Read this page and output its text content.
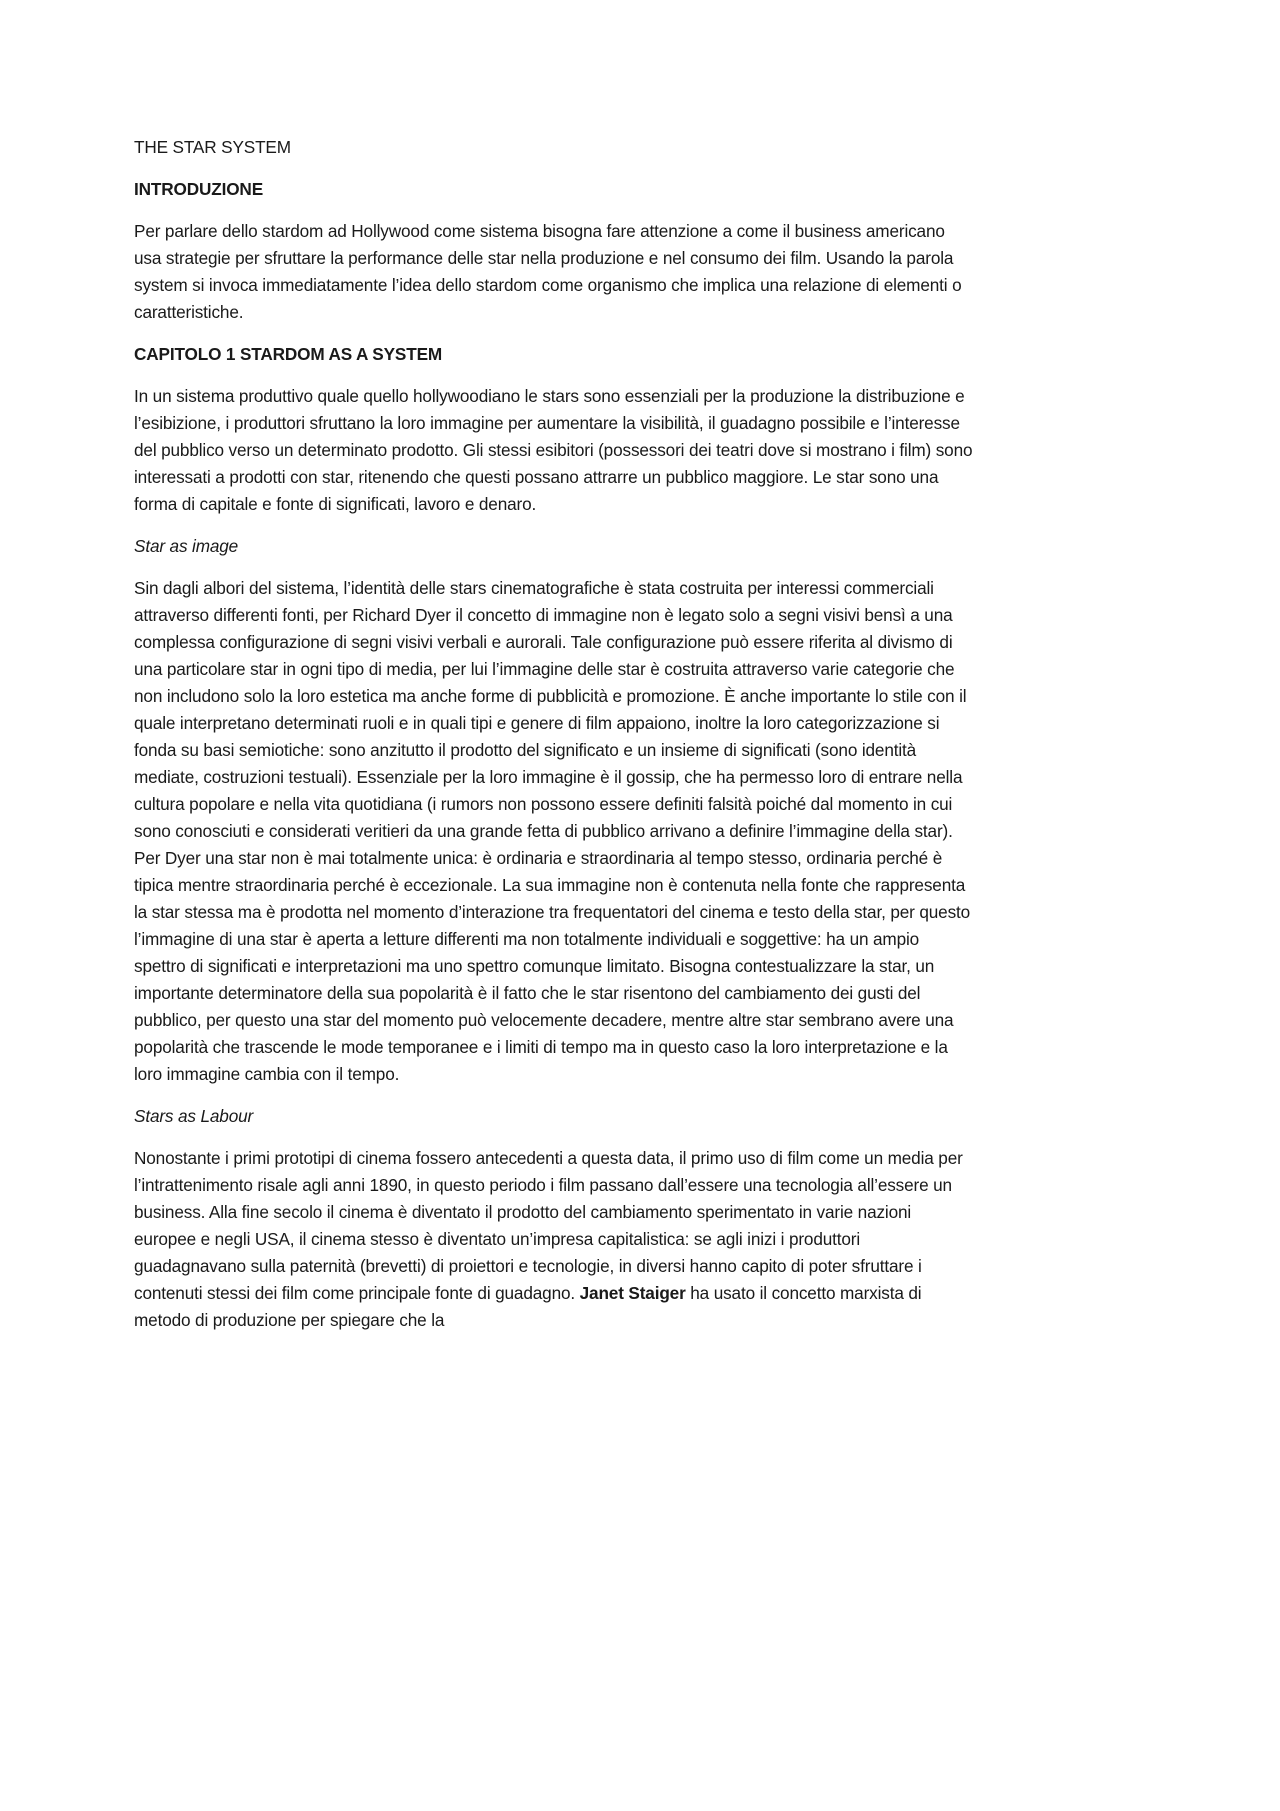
THE STAR SYSTEM

INTRODUZIONE

Per parlare dello stardom ad Hollywood come sistema bisogna fare attenzione a come il business americano usa strategie per sfruttare la performance delle star nella produzione e nel consumo dei film. Usando la parola system si invoca immediatamente l’idea dello stardom come organismo che implica una relazione di elementi o caratteristiche.

CAPITOLO 1 STARDOM AS A SYSTEM

In un sistema produttivo quale quello hollywoodiano le stars sono essenziali per la produzione la distribuzione e l’esibizione, i produttori sfruttano la loro immagine per aumentare la visibilità, il guadagno possibile e l’interesse del pubblico verso un determinato prodotto. Gli stessi esibitori (possessori dei teatri dove si mostrano i film) sono interessati a prodotti con star, ritenendo che questi possano attrarre un pubblico maggiore. Le star sono una forma di capitale e fonte di significati, lavoro e denaro.

Star as image

Sin dagli albori del sistema, l’identità delle stars cinematografiche è stata costruita per interessi commerciali attraverso differenti fonti, per Richard Dyer il concetto di immagine non è legato solo a segni visivi bensì a una complessa configurazione di segni visivi verbali e aurorali. Tale configurazione può essere riferita al divismo di una particolare star in ogni tipo di media, per lui l’immagine delle star è costruita attraverso varie categorie che non includono solo la loro estetica ma anche forme di pubblicità e promozione. È anche importante lo stile con il quale interpretano determinati ruoli e in quali tipi e genere di film appaiono, inoltre la loro categorizzazione si fonda su basi semiotiche: sono anzitutto il prodotto del significato e un insieme di significati (sono identità mediate, costruzioni testuali). Essenziale per la loro immagine è il gossip, che ha permesso loro di entrare nella cultura popolare e nella vita quotidiana (i rumors non possono essere definiti falsità poiché dal momento in cui sono conosciuti e considerati veritieri da una grande fetta di pubblico arrivano a definire l’immagine della star). Per Dyer una star non è mai totalmente unica: è ordinaria e straordinaria al tempo stesso, ordinaria perché è tipica mentre straordinaria perché è eccezionale. La sua immagine non è contenuta nella fonte che rappresenta la star stessa ma è prodotta nel momento d’interazione tra frequentatori del cinema e testo della star, per questo l’immagine di una star è aperta a letture differenti ma non totalmente individuali e soggettive: ha un ampio spettro di significati e interpretazioni ma uno spettro comunque limitato. Bisogna contestualizzare la star, un importante determinatore della sua popolarità è il fatto che le star risentono del cambiamento dei gusti del pubblico, per questo una star del momento può velocemente decadere, mentre altre star sembrano avere una popolarità che trascende le mode temporanee e i limiti di tempo ma in questo caso la loro interpretazione e la loro immagine cambia con il tempo.

Stars as Labour

Nonostante i primi prototipi di cinema fossero antecedenti a questa data, il primo uso di film come un media per l’intrattenimento risale agli anni 1890, in questo periodo i film passano dall’essere una tecnologia all’essere un business. Alla fine secolo il cinema è diventato il prodotto del cambiamento sperimentato in varie nazioni europee e negli USA, il cinema stesso è diventato un’impresa capitalistica: se agli inizi i produttori guadagnavano sulla paternità (brevetti) di proiettori e tecnologie, in diversi hanno capito di poter sfruttare i contenuti stessi dei film come principale fonte di guadagno. Janet Staiger ha usato il concetto marxista di metodo di produzione per spiegare che la
